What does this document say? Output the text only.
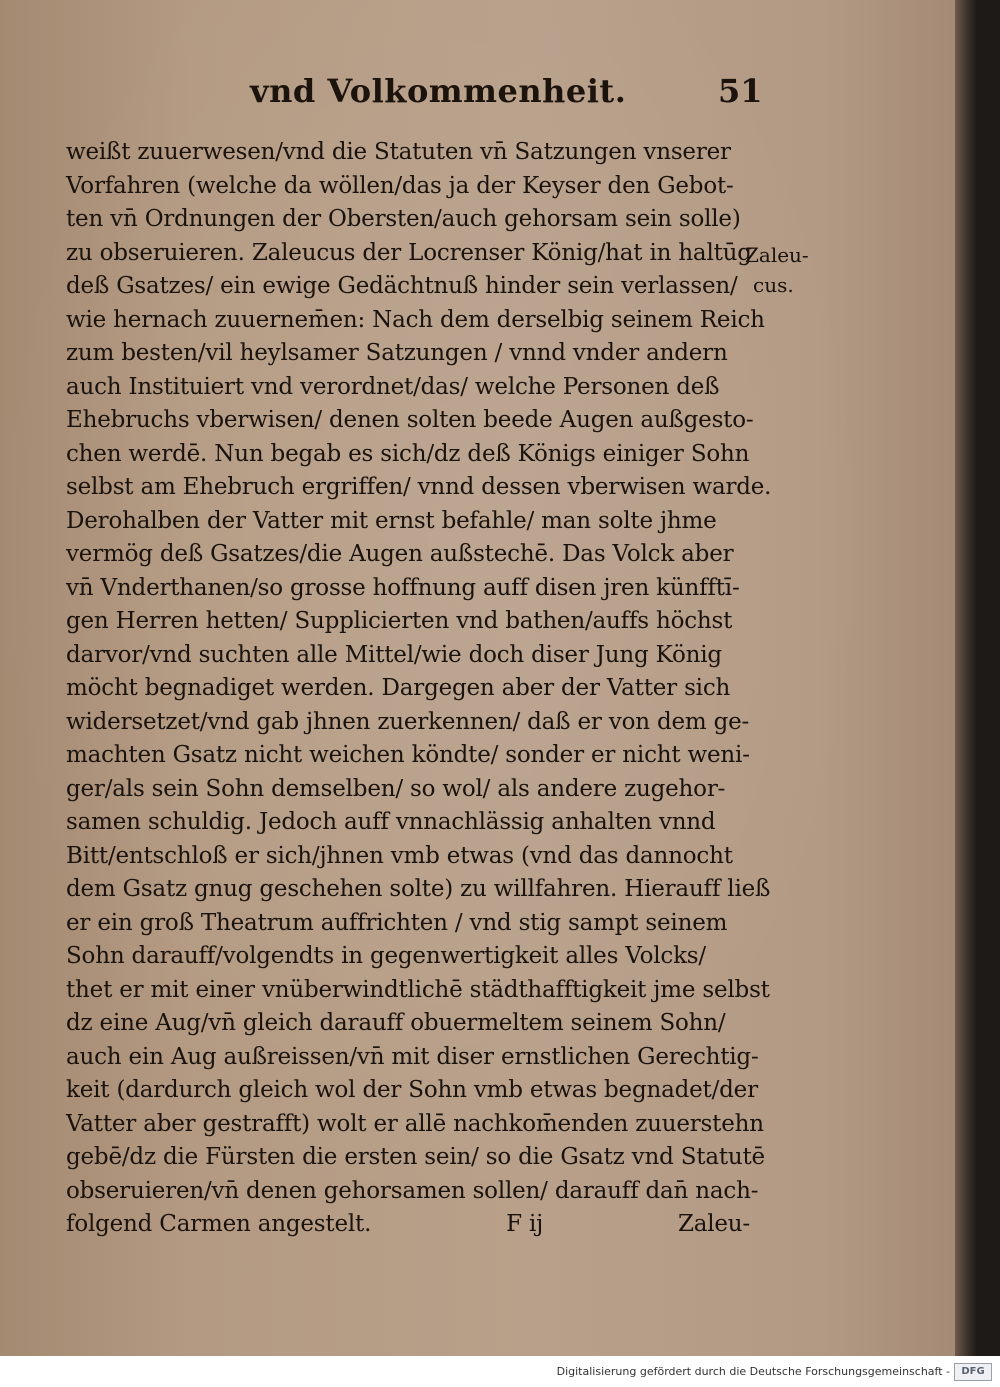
vnd Volkommenheit.	51
weißt zuuerwesen/vnd die Statuten vn̄ Satzungen vnserer
Vorfahren (welche da wöllen/das ja der Keyser den Gebot-
ten vn̄ Ordnungen der Obersten/auch gehorsam sein solle)
zu obseruieren. Zaleucus der Locrenser König/hat in haltūg
deß Gsatzes/ ein ewige Gedächtnuß hinder sein verlassen/
wie hernach zuuernem̄en: Nach dem derselbig seinem Reich
zum besten/vil heylsamer Satzungen / vnnd vnder andern
auch Instituiert vnd verordnet/das/ welche Personen deß
Ehebruchs vberwisen/ denen solten beede Augen außgesto-
chen werdē. Nun begab es sich/dz deß Königs einiger Sohn
selbst am Ehebruch ergriffen/ vnnd dessen vberwisen warde.
Derohalben der Vatter mit ernst befahle/ man solte jhme
vermög deß Gsatzes/die Augen außstechē. Das Volck aber
vn̄ Vnderthanen/so grosse hoffnung auff disen jren künfftī-
gen Herren hetten/ Supplicierten vnd bathen/auffs höchst
darvor/vnd suchten alle Mittel/wie doch diser Jung König
möcht begnadiget werden. Dargegen aber der Vatter sich
widersetzet/vnd gab jhnen zuerkennen/ daß er von dem ge-
machten Gsatz nicht weichen köndte/ sonder er nicht weni-
ger/als sein Sohn demselben/ so wol/ als andere zugehor-
samen schuldig. Jedoch auff vnnachlässig anhalten vnnd
Bitt/entschloß er sich/jhnen vmb etwas (vnd das dannocht
dem Gsatz gnug geschehen solte) zu willfahren. Hierauff ließ
er ein groß Theatrum auffrichten / vnd stig sampt seinem
Sohn darauff/volgendts in gegenwertigkeit alles Volcks/
thet er mit einer vnüberwindtlichē städthafftigkeit jme selbst
dz eine Aug/vn̄ gleich darauff obuermeltem seinem Sohn/
auch ein Aug außreissen/vn̄ mit diser ernstlichen Gerechtig-
keit (dardurch gleich wol der Sohn vmb etwas begnadet/der
Vatter aber gestrafft) wolt er allē nachkom̄enden zuuerstehn
gebē/dz die Fürsten die ersten sein/ so die Gsatz vnd Statutē
obseruieren/vn̄ denen gehorsamen sollen/ darauff dan̄ nach-
folgend Carmen angestelt.	F ij	Zaleu-
Zaleu-
cus.
Digitalisierung gefördert durch die Deutsche Forschungsgemeinschaft -	DFG
